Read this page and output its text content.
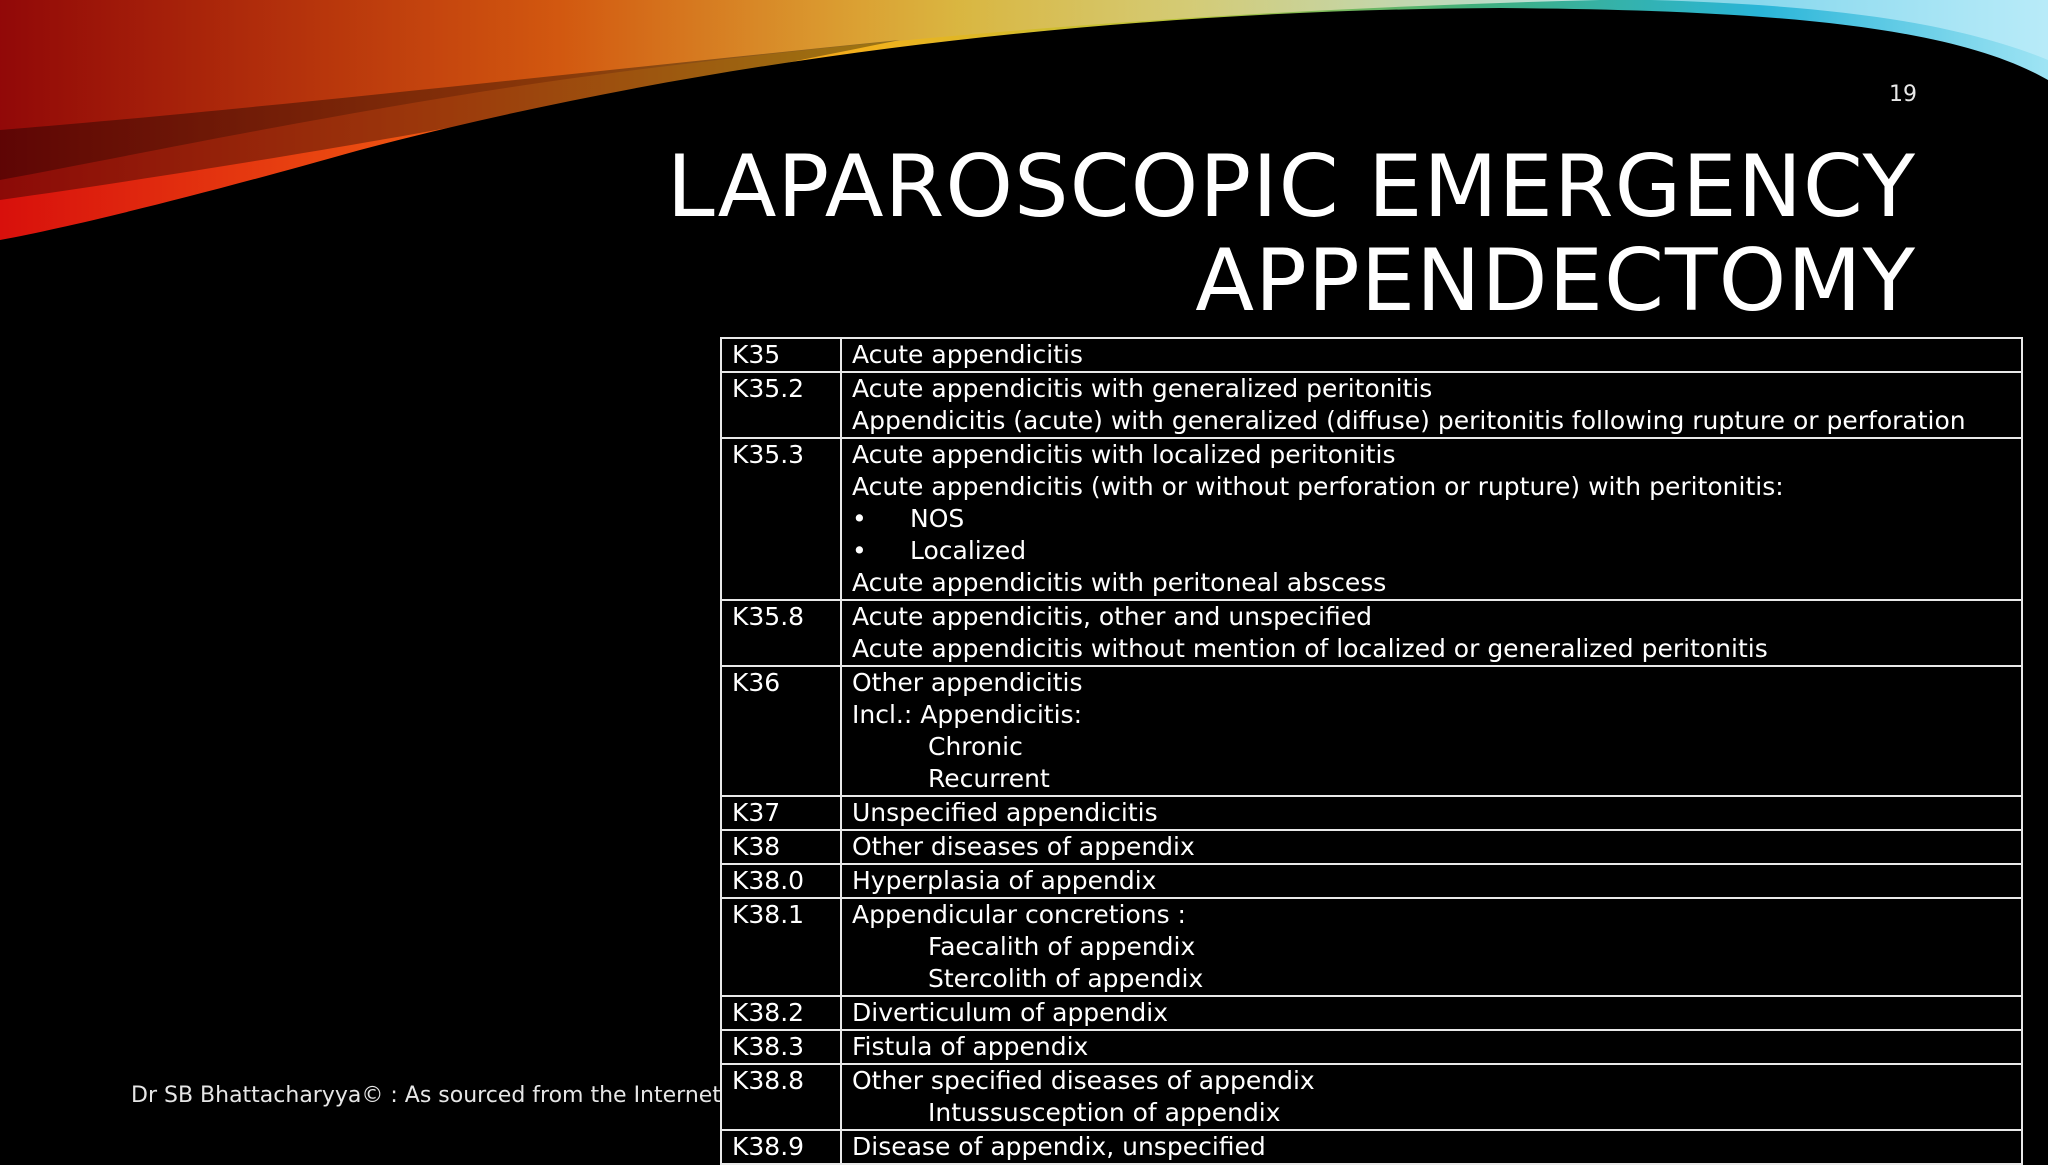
19
LAPAROSCOPIC EMERGENCY
APPENDECTOMY
K35	Acute appendicitis

K35.2	Acute appendicitis with generalized peritonitis
Appendicitis (acute) with generalized (diffuse) peritonitis following rupture or perforation

K35.3	Acute appendicitis with localized peritonitis
Acute appendicitis (with or without perforation or rupture) with peritonitis:
• NOS
• Localized
Acute appendicitis with peritoneal abscess

K35.8	Acute appendicitis, other and unspecified
Acute appendicitis without mention of localized or generalized peritonitis

K36	Other appendicitis
Incl.: Appendicitis:
Chronic
Recurrent

K37	Unspecified appendicitis

K38	Other diseases of appendix

K38.0	Hyperplasia of appendix

K38.1	Appendicular concretions :
Faecalith of appendix
Stercolith of appendix

K38.2	Diverticulum of appendix

K38.3	Fistula of appendix

K38.8	Other specified diseases of appendix
Intussusception of appendix

K38.9	Disease of appendix, unspecified
Dr SB Bhattacharyya© : As sourced from the Internet
